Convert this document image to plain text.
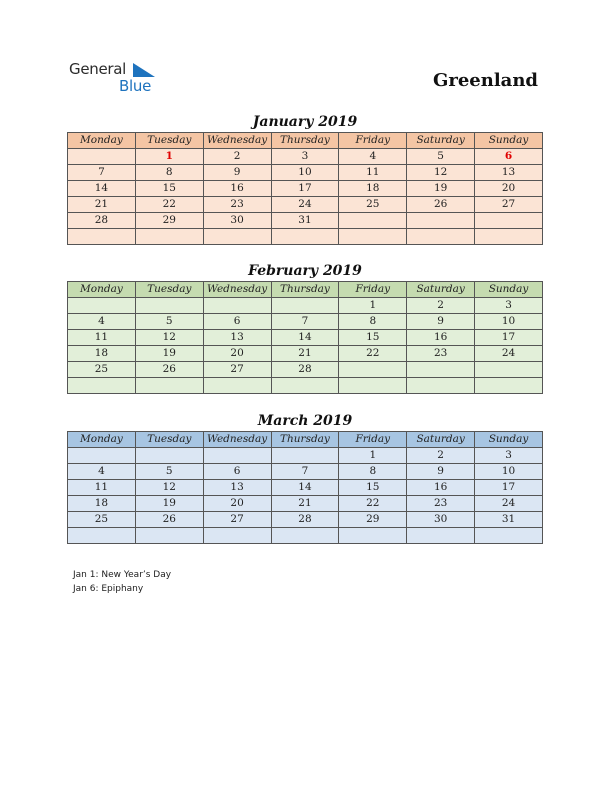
General
Blue	Greenland
January 2019
Monday	Tuesday	Wednesday	Thursday	Friday	Saturday	Sunday
	1	2	3	4	5	6
7	8	9	10	11	12	13
14	15	16	17	18	19	20
21	22	23	24	25	26	27
28	29	30	31			

February 2019
Monday	Tuesday	Wednesday	Thursday	Friday	Saturday	Sunday
				1	2	3
4	5	6	7	8	9	10
11	12	13	14	15	16	17
18	19	20	21	22	23	24
25	26	27	28			

March 2019
Monday	Tuesday	Wednesday	Thursday	Friday	Saturday	Sunday
				1	2	3
4	5	6	7	8	9	10
11	12	13	14	15	16	17
18	19	20	21	22	23	24
25	26	27	28	29	30	31

Jan 1: New Year’s Day
Jan 6: Epiphany
